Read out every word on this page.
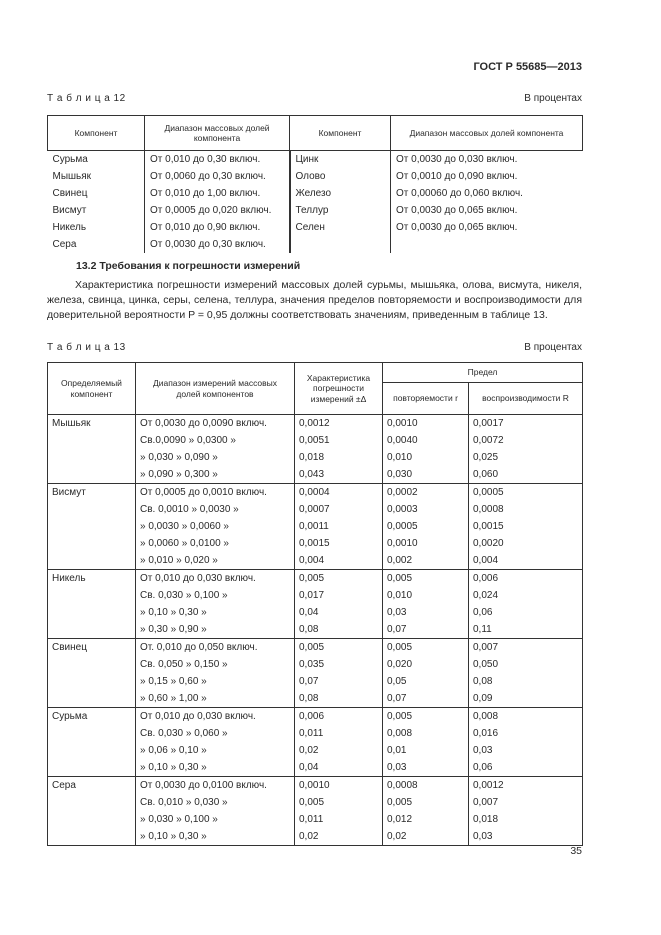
ГОСТ Р 55685—2013
Т а б л и ц а 12	В процентах
Компонент	Диапазон массовых долей компонента	Компонент	Диапазон массовых долей компонента
Сурьма	От 0,010 до 0,30 включ.	Цинк	От 0,0030 до 0,030 включ.
Мышьяк	От 0,0060 до 0,30 включ.	Олово	От 0,0010 до 0,090 включ.
Свинец	От 0,010 до 1,00 включ.	Железо	От 0,00060 до 0,060 включ.
Висмут	От 0,0005 до 0,020 включ.	Теллур	От 0,0030 до 0,065 включ.
Никель	От 0,010 до 0,90 включ.	Селен	От 0,0030 до 0,065 включ.
Сера	От 0,0030 до 0,30 включ.		
13.2 Требования к погрешности измерений

Характеристика погрешности измерений массовых долей сурьмы, мышьяка, олова, висмута, никеля, железа, свинца, цинка, серы, селена, теллура, значения пределов повторяемости и воспроизводимости для доверительной вероятности P = 0,95 должны соответствовать значениям, приведенным в таблице 13.

Т а б л и ц а 13	В процентах
Определяемый компонент	Диапазон измерений массовых долей компонентов	Характеристика погрешности измерений ±Δ	Предел	
			повторяемости r	воспроизводимости R
Мышьяк	От 0,0030 до 0,0090 включ.	0,0012	0,0010	0,0017
	Св.0,0090 » 0,0300 »	0,0051	0,0040	0,0072
	» 0,030 » 0,090 »	0,018	0,010	0,025
	» 0,090 » 0,300 »	0,043	0,030	0,060
Висмут	От 0,0005 до 0,0010 включ.	0,0004	0,0002	0,0005
	Св. 0,0010 » 0,0030 »	0,0007	0,0003	0,0008
	» 0,0030 » 0,0060 »	0,0011	0,0005	0,0015
	» 0,0060 » 0,0100 »	0,0015	0,0010	0,0020
	» 0,010 » 0,020 »	0,004	0,002	0,004
Никель	От 0,010 до 0,030 включ.	0,005	0,005	0,006
	Св. 0,030 » 0,100 »	0,017	0,010	0,024
	» 0,10 » 0,30 »	0,04	0,03	0,06
	» 0,30 » 0,90 »	0,08	0,07	0,11
Свинец	От. 0,010 до 0,050 включ.	0,005	0,005	0,007
	Св. 0,050 » 0,150 »	0,035	0,020	0,050
	» 0,15 » 0,60 »	0,07	0,05	0,08
	» 0,60 » 1,00 »	0,08	0,07	0,09
Сурьма	От 0,010 до 0,030 включ.	0,006	0,005	0,008
	Св. 0,030 » 0,060 »	0,011	0,008	0,016
	» 0,06 » 0,10 »	0,02	0,01	0,03
	» 0,10 » 0,30 »	0,04	0,03	0,06
Сера	От 0,0030 до 0,0100 включ.	0,0010	0,0008	0,0012
	Св. 0,010 » 0,030 »	0,005	0,005	0,007
	» 0,030 » 0,100 »	0,011	0,012	0,018
	» 0,10 » 0,30 »	0,02	0,02	0,03
35
